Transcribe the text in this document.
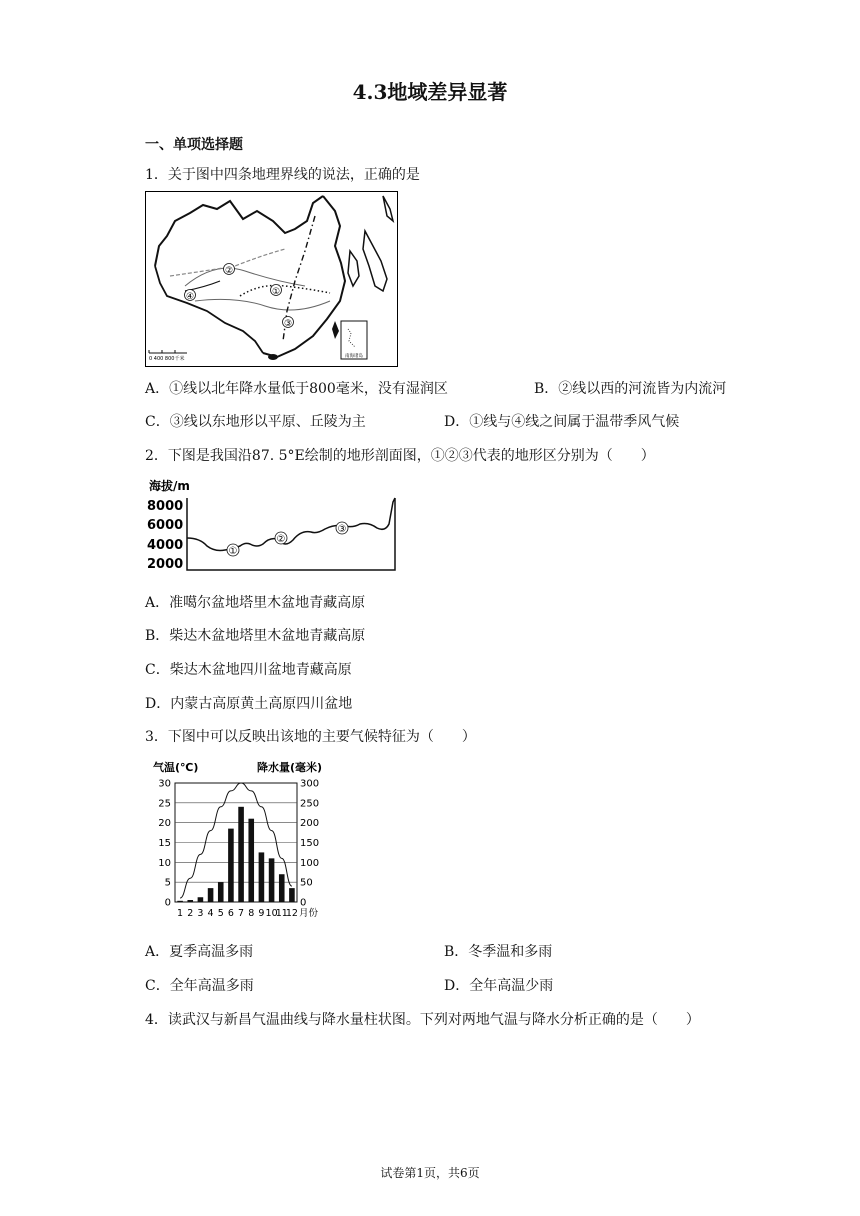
4.3地域差异显著
一、单项选择题
1．关于图中四条地理界线的说法，正确的是
②
④	①
③
南海诸岛
0 400 800千米
A．①线以北年降水量低于800毫米，没有湿润区	B．②线以西的河流皆为内流河
C．③线以东地形以平原、丘陵为主	D．①线与④线之间属于温带季风气候
2．下图是我国沿87. 5°E绘制的地形剖面图，①②③代表的地形区分别为（　　）
海拔/m
8000
6000
4000
2000
①
②
③
A．准噶尔盆地塔里木盆地青藏高原
B．柴达木盆地塔里木盆地青藏高原
C．柴达木盆地四川盆地青藏高原
D．内蒙古高原黄土高原四川盆地
3．下图中可以反映出该地的主要气候特征为（　　）
气温(℃)	降水量(毫米)
30
25
20
15
10
5
0
300
250
200
150
100
50
0
1 2 3 4 5 6 7 8 9 10
11
12 月份
A．夏季高温多雨	B．冬季温和多雨
C．全年高温多雨	D．全年高温少雨
4．读武汉与新昌气温曲线与降水量柱状图。下列对两地气温与降水分析正确的是（　　）
试卷第1页，共6页
